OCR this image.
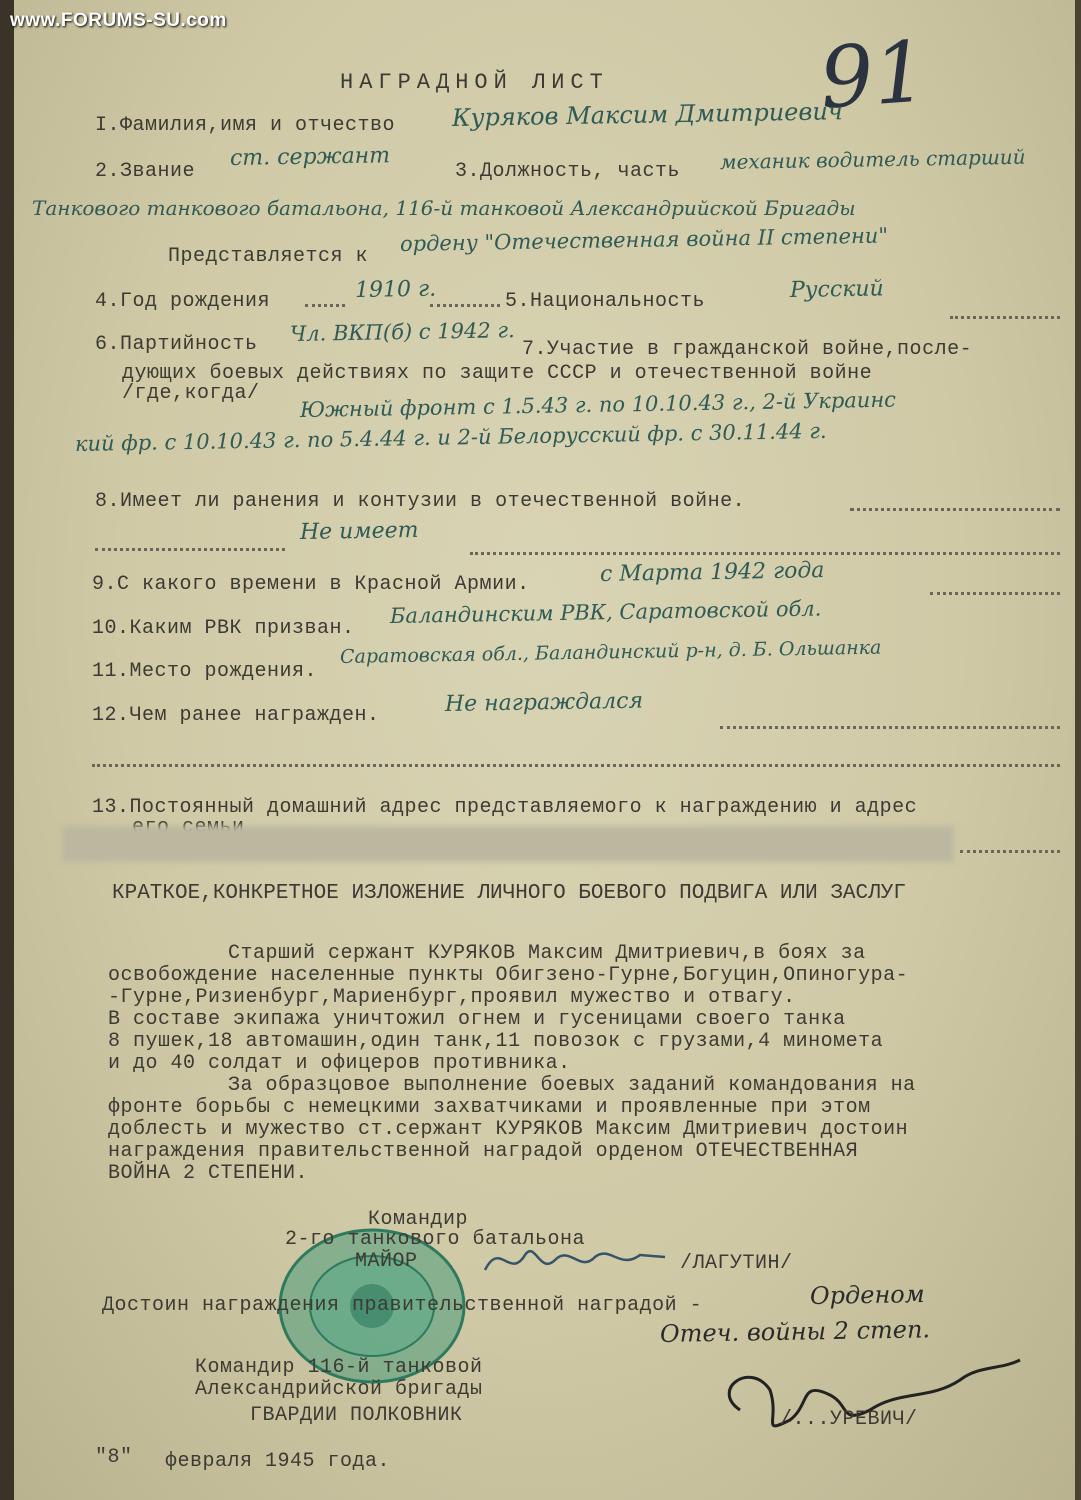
www.FORUMS-SU.com
91
НАГРАДНОЙ ЛИСТ
I.Фамилия,имя и отчество Куряков Максим Дмитриевич
2.Звание
ст. сержант
3.Должность, часть механик водитель старший
Танкового танкового батальона, 116-й танковой Александрийской Бригады
Представляется к
ордену "Отечественная война II степени"
4.Год рождения	1910 г.	5.Национальность	Русский
6.Партийность Чл. ВКП(б) с 1942 г.
7.Участие в гражданской войне,после-
дующих боевых действиях по защите СССР и отечественной войне
/где,когда/ Южный фронт с 1.5.43 г. по 10.10.43 г., 2-й Украинс
кий фр. с 10.10.43 г. по 5.4.44 г. и 2-й Белорусский фр. с 30.11.44 г.
8.Имеет ли ранения и контузии в отечественной войне.
Не имеет
9.С какого времени в Красной Армии.	с Марта 1942 года
10.Каким РВК призван.
Баландинским РВК, Саратовской обл.
11.Место рождения.
Саратовская обл., Баландинский р-н, д. Б. Ольшанка
12.Чем ранее награжден.	Не награждался
13.Постоянный домашний адрес представляемого к награждению и адрес
КРАТКОЕ,КОНКРЕТНОЕ ИЗЛОЖЕНИЕ ЛИЧНОГО БОЕВОГО ПОДВИГА ИЛИ ЗАСЛУГ
Старший сержант КУРЯКОВ Максим Дмитриевич,в боях за
освобождение населенные пункты Обигзено-Гурне,Богуцин,Опиногура-
-Гурне,Ризиенбург,Мариенбург,проявил мужество и отвагу.
В составе экипажа уничтожил огнем и гусеницами своего танка
8 пушек,18 автомашин,один танк,11 повозок с грузами,4 миномета
и до 40 солдат и офицеров противника.
За образцовое выполнение боевых заданий командования на
фронте борьбы с немецкими захватчиками и проявленные при этом
доблесть и мужество ст.сержант КУРЯКОВ Максим Дмитриевич достоин
награждения правительственной наградой орденом ОТЕЧЕСТВЕННАЯ
ВОЙНА 2 СТЕПЕНИ.
Командир
2-го танкового батальона
МАЙОР	/ЛАГУТИН/
Достоин награждения правительственной наградой -	Орденом
Отеч. войны 2 степ.
Командир 116-й танковой
Александрийской бригады
ГВАРДИИ ПОЛКОВНИК	/...УРЕВИЧ/
"8" февраля 1945 года.
